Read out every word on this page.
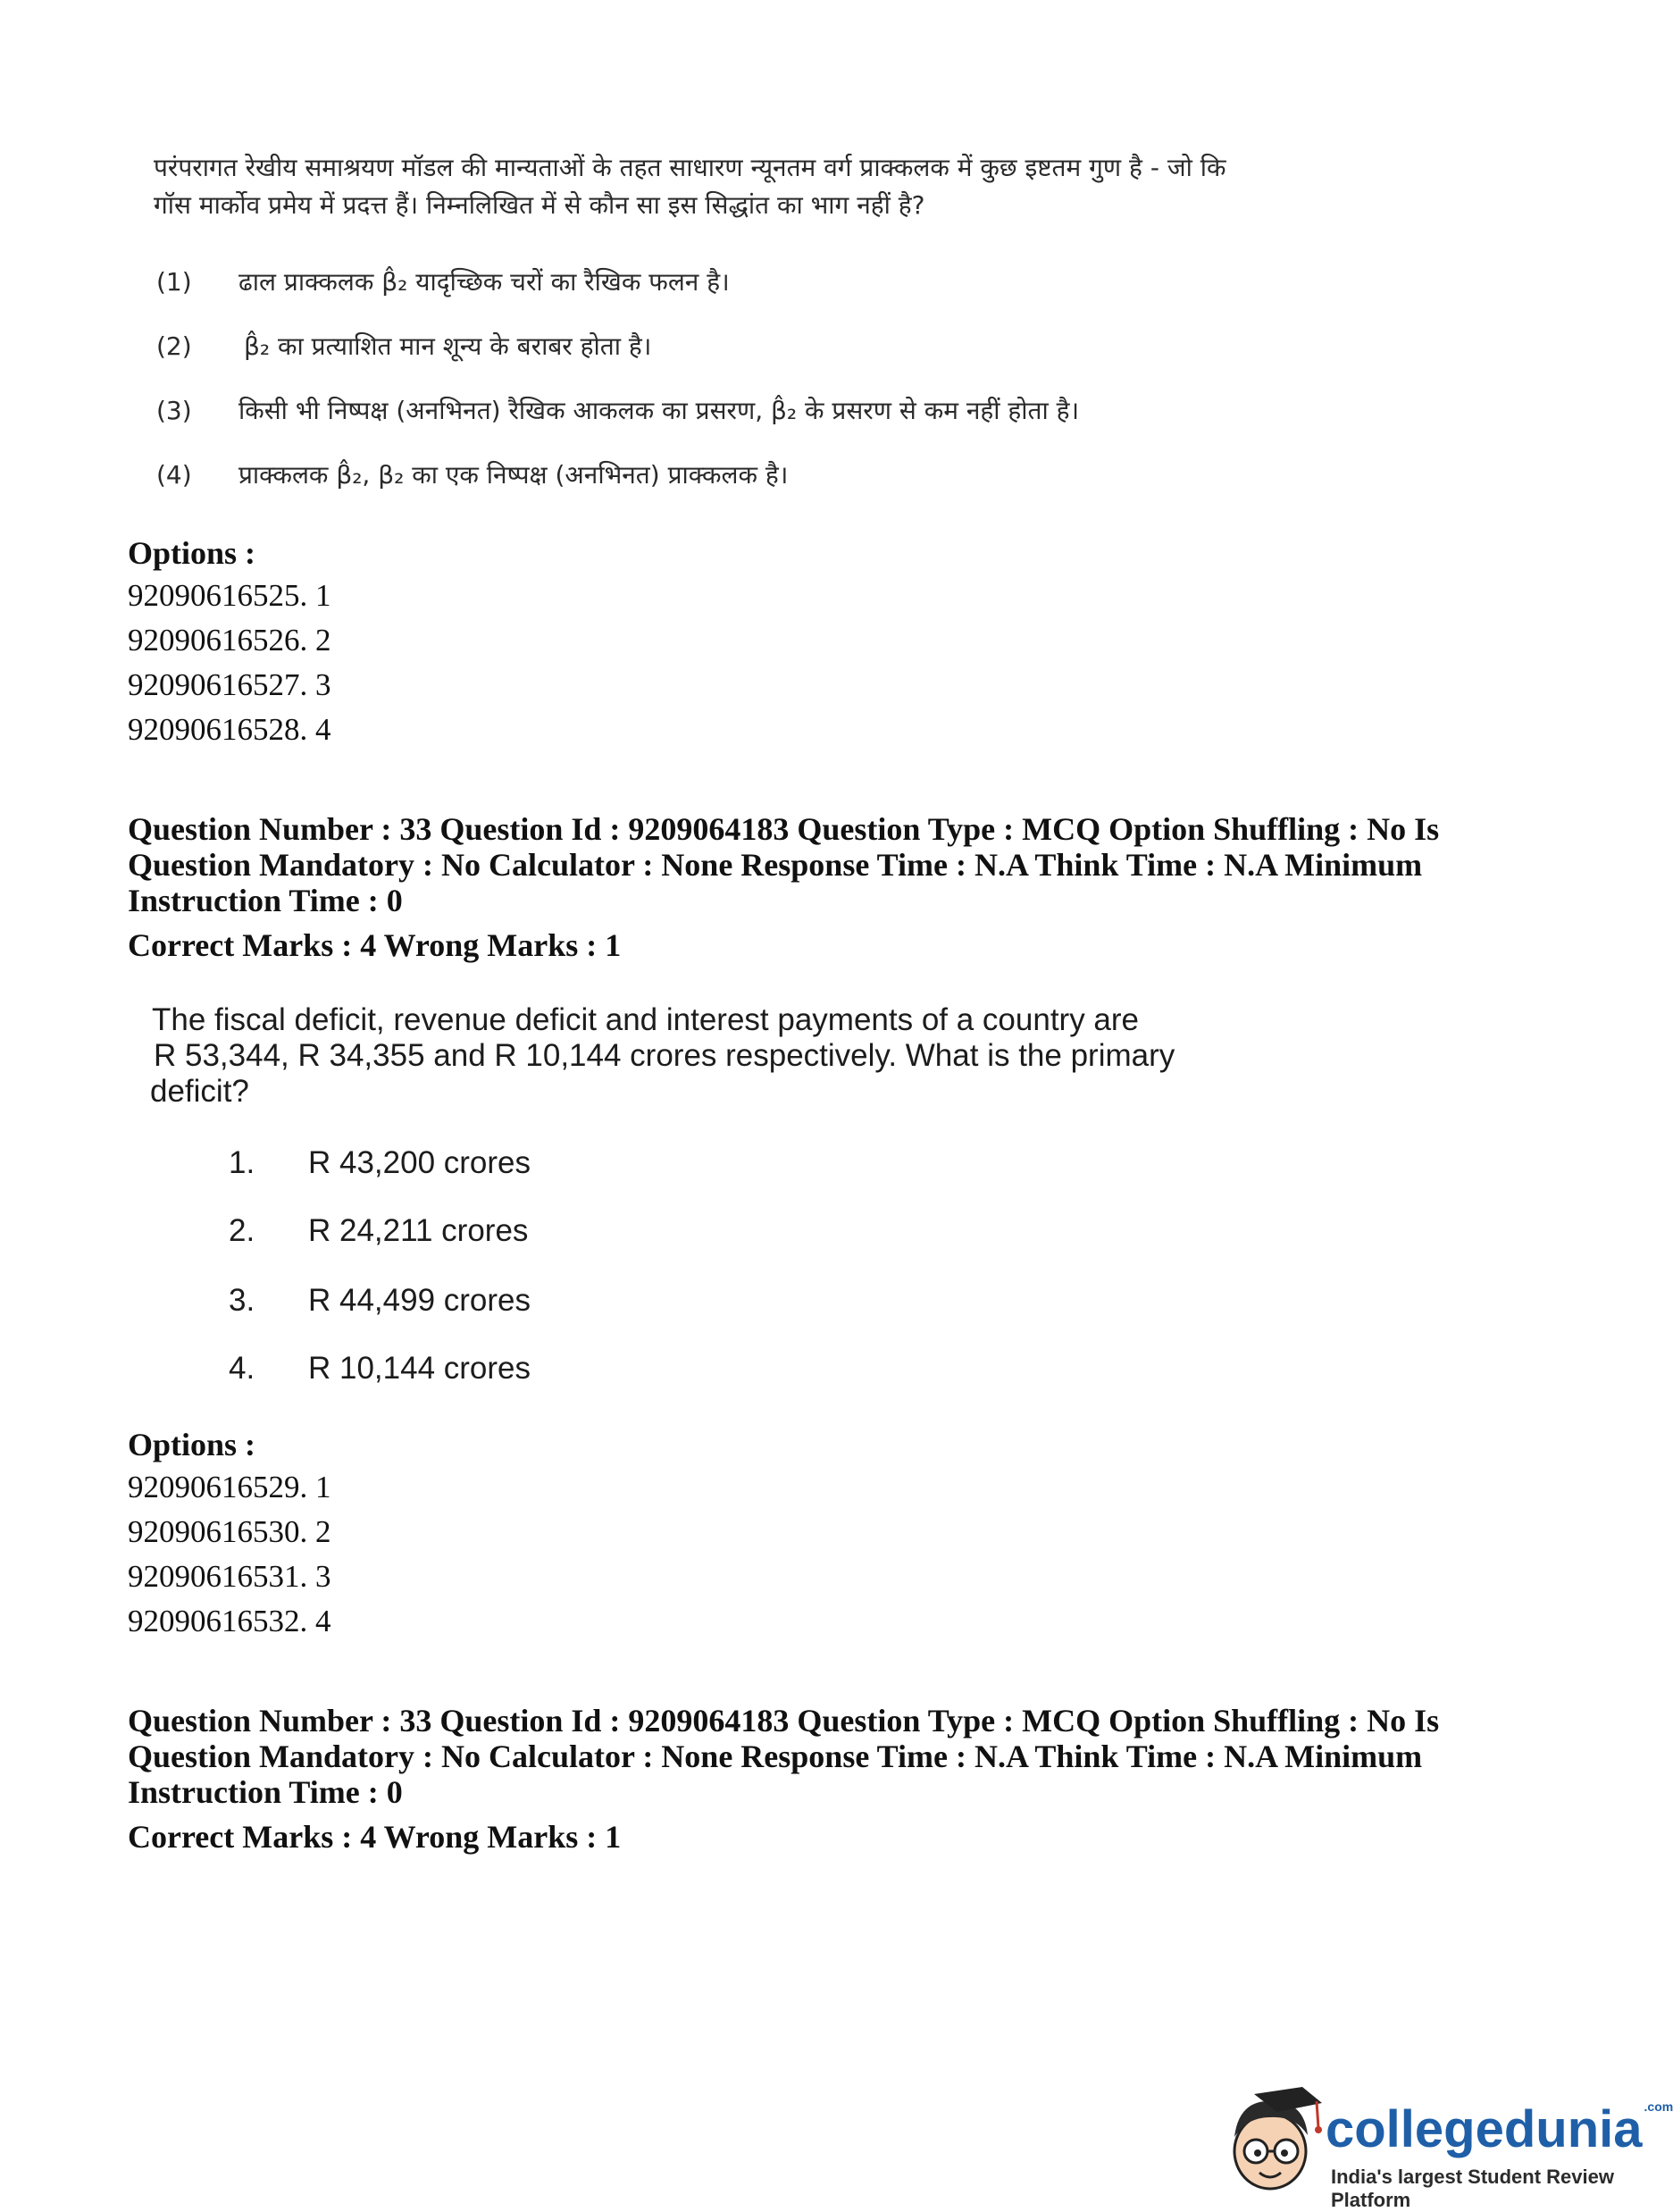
परंपरागत रेखीय समाश्रयण मॉडल की मान्यताओं के तहत साधारण न्यूनतम वर्ग प्राक्कलक में कुछ इष्टतम गुण है - जो कि
गॉस मार्कोव प्रमेय में प्रदत्त हैं। निम्नलिखित में से कौन सा इस सिद्धांत का भाग नहीं है?
(1) ढाल प्राक्कलक β̂₂ यादृच्छिक चरों का रैखिक फलन है।
(2) β̂₂ का प्रत्याशित मान शून्य के बराबर होता है।
(3) किसी भी निष्पक्ष (अनभिनत) रैखिक आकलक का प्रसरण, β̂₂ के प्रसरण से कम नहीं होता है।
(4) प्राक्कलक β̂₂, β₂ का एक निष्पक्ष (अनभिनत) प्राक्कलक है।
Options :
92090616525. 1
92090616526. 2
92090616527. 3
92090616528. 4
Question Number : 33 Question Id : 9209064183 Question Type : MCQ Option Shuffling : No Is
Question Mandatory : No Calculator : None Response Time : N.A Think Time : N.A Minimum
Instruction Time : 0
Correct Marks : 4 Wrong Marks : 1
The fiscal deficit, revenue deficit and interest payments of a country are
R 53,344, R 34,355 and R 10,144 crores respectively. What is the primary
deficit?
1. R 43,200 crores
2. R 24,211 crores
3. R 44,499 crores
4. R 10,144 crores
Options :
92090616529. 1
92090616530. 2
92090616531. 3
92090616532. 4
Question Number : 33 Question Id : 9209064183 Question Type : MCQ Option Shuffling : No Is
Question Mandatory : No Calculator : None Response Time : N.A Think Time : N.A Minimum
Instruction Time : 0
Correct Marks : 4 Wrong Marks : 1
collegedunia $^{.com}$
India's largest Student Review Platform
